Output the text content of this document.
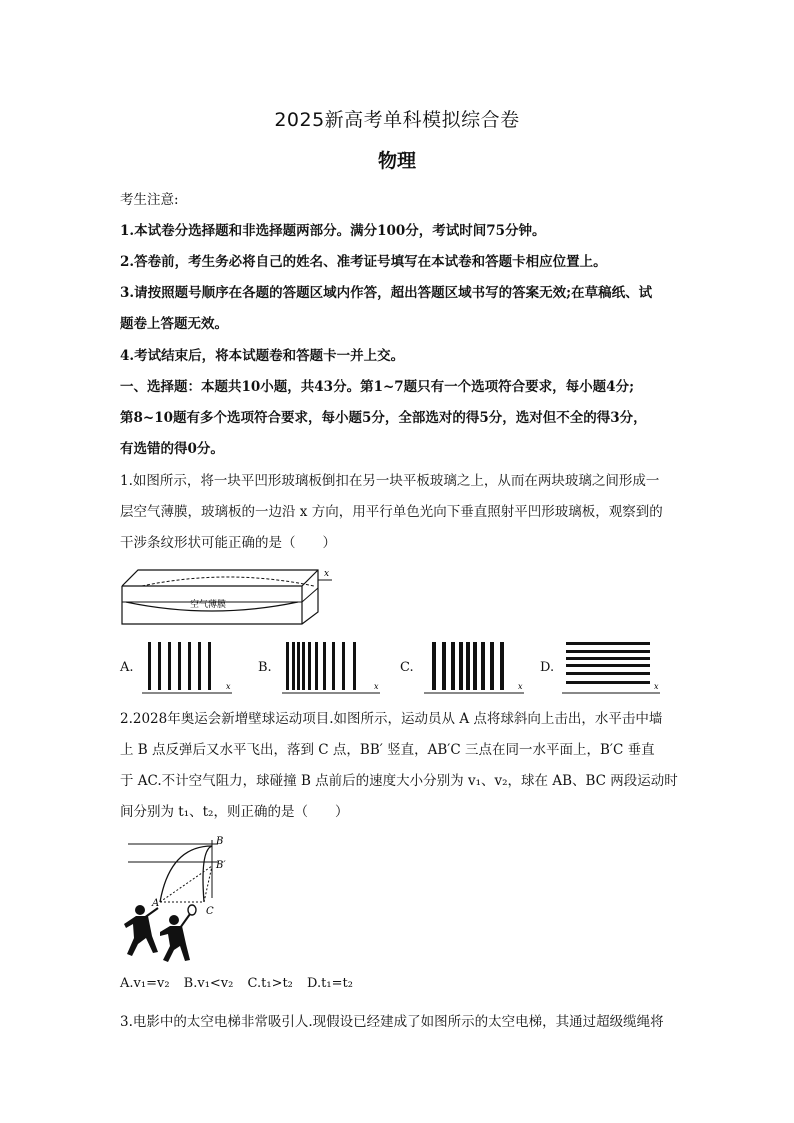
2025新高考单科模拟综合卷
物理
考生注意:
1.本试卷分选择题和非选择题两部分。满分100分，考试时间75分钟。
2.答卷前，考生务必将自己的姓名、准考证号填写在本试卷和答题卡相应位置上。
3.请按照题号顺序在各题的答题区域内作答，超出答题区域书写的答案无效;在草稿纸、试
题卷上答题无效。
4.考试结束后，将本试题卷和答题卡一并上交。
一、选择题：本题共10小题，共43分。第1~7题只有一个选项符合要求，每小题4分;
第8~10题有多个选项符合要求，每小题5分，全部选对的得5分，选对但不全的得3分，
有选错的得0分。
1.如图所示，将一块平凹形玻璃板倒扣在另一块平板玻璃之上，从而在两块玻璃之间形成一
层空气薄膜，玻璃板的一边沿 x 方向，用平行单色光向下垂直照射平凹形玻璃板，观察到的
干涉条纹形状可能正确的是（　　）
空气薄膜
x
A.
x
B.
x
C.
x
D.
x
2.2028年奥运会新增壁球运动项目.如图所示，运动员从 A 点将球斜向上击出，水平击中墙
上 B 点反弹后又水平飞出，落到 C 点，BB′ 竖直，AB′C 三点在同一水平面上，B′C 垂直
于 AC.不计空气阻力，球碰撞 B 点前后的速度大小分别为 v₁、v₂，球在 AB、BC 两段运动时
间分别为 t₁、t₂，则正确的是（　　）
B
B′
A
C
A.v₁=v₂ B.v₁<v₂ C.t₁>t₂ D.t₁=t₂
3.电影中的太空电梯非常吸引人.现假设已经建成了如图所示的太空电梯，其通过超级缆绳将
